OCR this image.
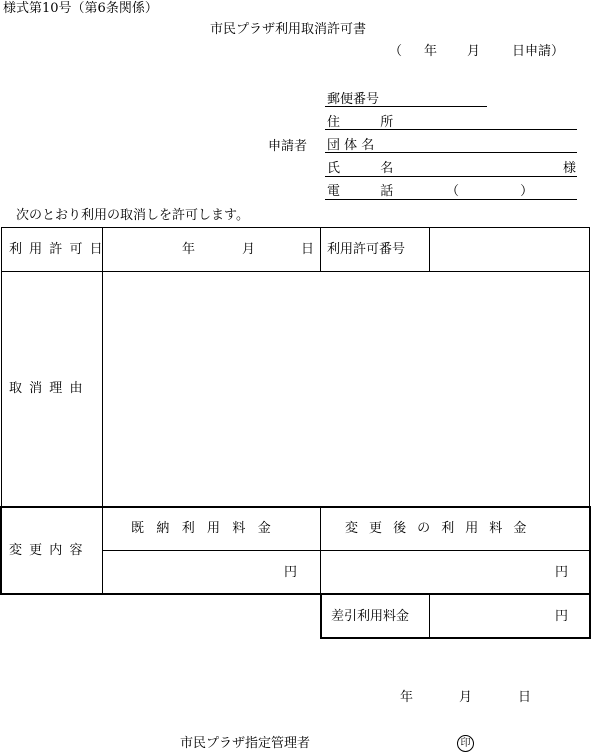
様式第10号（第6条関係）
市民プラザ利用取消許可書
（ 年 月 日申請）
申請者
郵便番号
住　所
団 体 名
氏　名	様
電　話	（　　）
次のとおり利用の取消しを許可します。
利用許可日	年	月	日 利用許可番号
取消理由
変更内容
既納利用料金	変更後の利用料金
円	円
差引利用料金	円
年	月	日
市民プラザ指定管理者	印
